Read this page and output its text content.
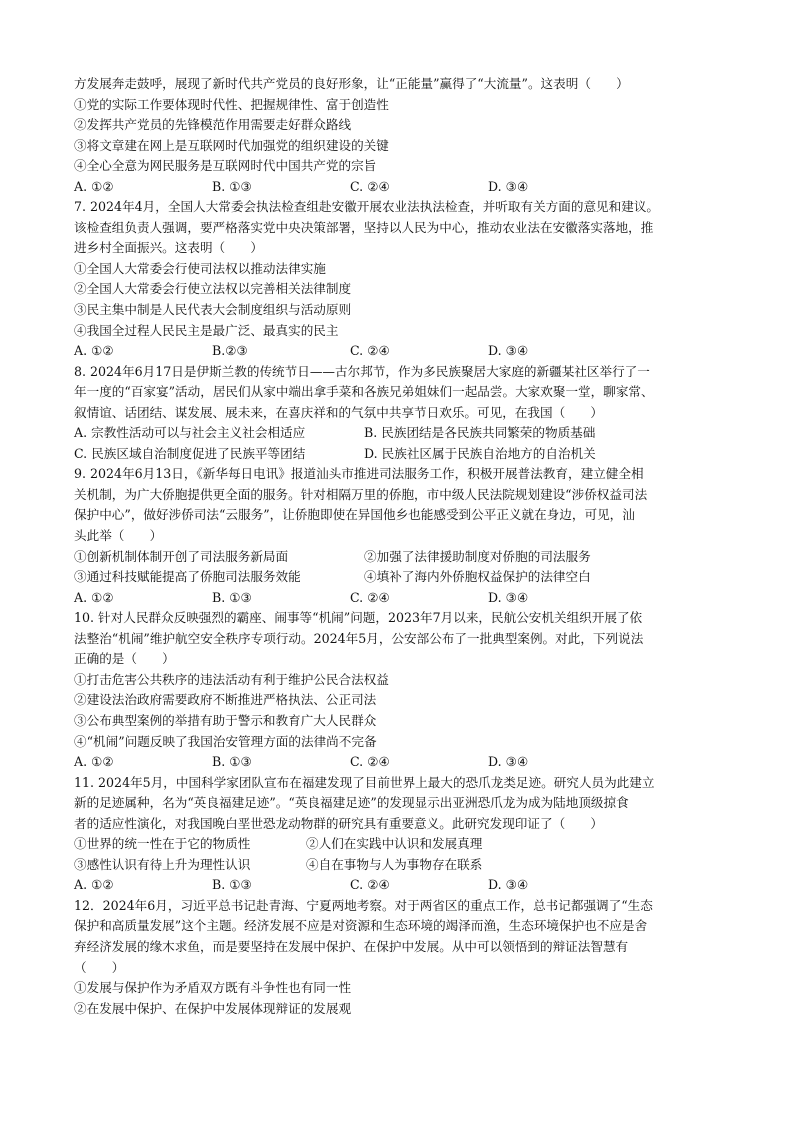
方发展奔走鼓呼，展现了新时代共产党员的良好形象，让“正能量”赢得了“大流量”。这表明（　　）

①党的实际工作要体现时代性、把握规律性、富于创造性

②发挥共产党员的先锋模范作用需要走好群众路线

③将文章建在网上是互联网时代加强党的组织建设的关键

④全心全意为网民服务是互联网时代中国共产党的宗旨

A. ①②	B. ①③	C. ②④	D. ③④

7. 2024年4月，全国人大常委会执法检查组赴安徽开展农业法执法检查，并听取有关方面的意见和建议。

该检查组负责人强调，要严格落实党中央决策部署，坚持以人民为中心，推动农业法在安徽落实落地，推

进乡村全面振兴。这表明（　　）

①全国人大常委会行使司法权以推动法律实施

②全国人大常委会行使立法权以完善相关法律制度

③民主集中制是人民代表大会制度组织与活动原则

④我国全过程人民民主是最广泛、最真实的民主

A. ①②	B.②③	C. ②④	D. ③④

8. 2024年6月17日是伊斯兰教的传统节日——古尔邦节，作为多民族聚居大家庭的新疆某社区举行了一

年一度的“百家宴”活动，居民们从家中端出拿手菜和各族兄弟姐妹们一起品尝。大家欢聚一堂，聊家常、

叙情谊、话团结、谋发展、展未来，在喜庆祥和的气氛中共享节日欢乐。可见，在我国（　　）

A. 宗教性活动可以与社会主义社会相适应	B. 民族团结是各民族共同繁荣的物质基础
C. 民族区域自治制度促进了民族平等团结	D. 民族社区属于民族自治地方的自治机关

9. 2024年6月13日，《新华每日电讯》报道汕头市推进司法服务工作，积极开展普法教育，建立健全相

关机制，为广大侨胞提供更全面的服务。针对相隔万里的侨胞，市中级人民法院规划建设“涉侨权益司法

保护中心”，做好涉侨司法“云服务”，让侨胞即使在异国他乡也能感受到公平正义就在身边，可见，汕

头此举（　　）

①创新机制体制开创了司法服务新局面	②加强了法律援助制度对侨胞的司法服务
③通过科技赋能提高了侨胞司法服务效能	④填补了海内外侨胞权益保护的法律空白
A. ①②	B. ①③	C. ②④	D. ③④

10. 针对人民群众反映强烈的霸座、闹事等“机闹”问题，2023年7月以来，民航公安机关组织开展了依

法整治“机闹”维护航空安全秩序专项行动。2024年5月，公安部公布了一批典型案例。对此，下列说法

正确的是（　　）

①打击危害公共秩序的违法活动有利于维护公民合法权益

②建设法治政府需要政府不断推进严格执法、公正司法

③公布典型案例的举措有助于警示和教育广大人民群众

④“机闹”问题反映了我国治安管理方面的法律尚不完备

A. ①②	B. ①③	C. ②④	D. ③④

11. 2024年5月，中国科学家团队宣布在福建发现了目前世界上最大的恐爪龙类足迹。研究人员为此建立

新的足迹属种，名为“英良福建足迹”。“英良福建足迹”的发现显示出亚洲恐爪龙为成为陆地顶级掠食

者的适应性演化，对我国晚白垩世恐龙动物群的研究具有重要意义。此研究发现印证了（　　）

①世界的统一性在于它的物质性	②人们在实践中认识和发展真理
③感性认识有待上升为理性认识	④自在事物与人为事物存在联系
A. ①②	B. ①③	C. ②④	D. ③④

12．2024年6月，习近平总书记赴青海、宁夏两地考察。对于两省区的重点工作，总书记都强调了“生态

保护和高质量发展”这个主题。经济发展不应是对资源和生态环境的竭泽而渔，生态环境保护也不应是舍

弃经济发展的缘木求鱼，而是要坚持在发展中保护、在保护中发展。从中可以领悟到的辩证法智慧有

（　　）

①发展与保护作为矛盾双方既有斗争性也有同一性

②在发展中保护、在保护中发展体现辩证的发展观
